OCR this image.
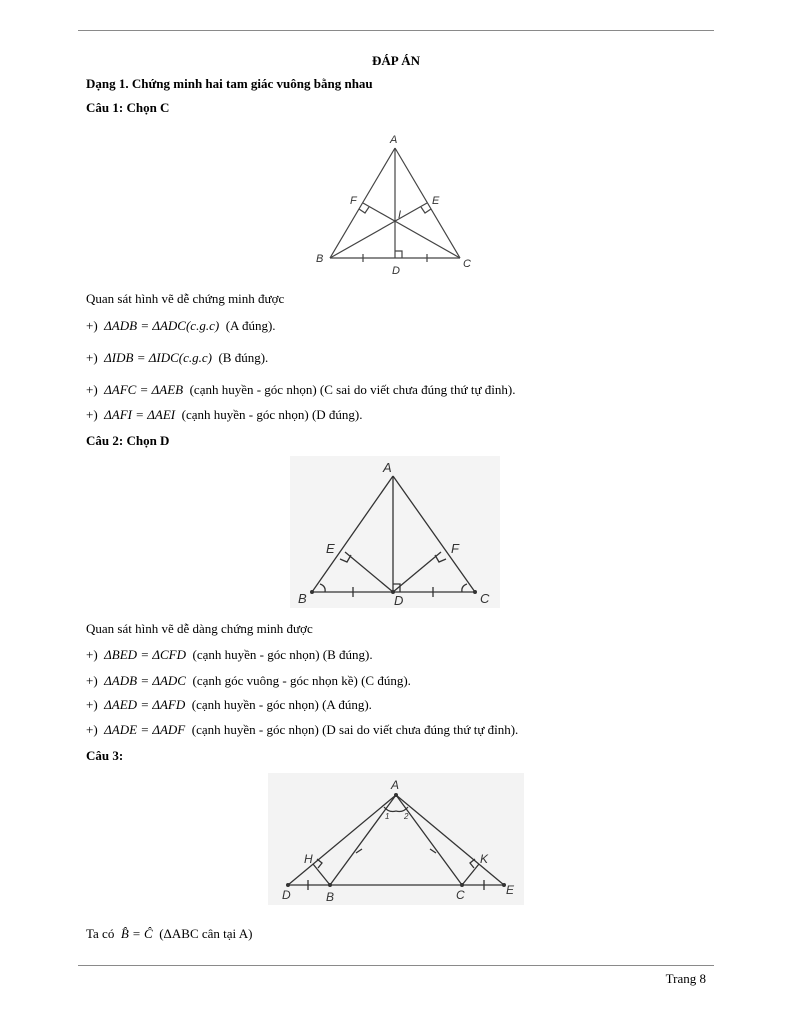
ĐÁP ÁN
Dạng 1. Chứng minh hai tam giác vuông bằng nhau
Câu 1: Chọn C
A
F	E
I
B
D
C
Quan sát hình vẽ dễ chứng minh được
+) ΔADB = ΔADC(c.g.c) (A đúng).
+) ΔIDB = ΔIDC(c.g.c) (B đúng).
+) ΔAFC = ΔAEB (cạnh huyền - góc nhọn) (C sai do viết chưa đúng thứ tự đỉnh).
+) ΔAFI = ΔAEI (cạnh huyền - góc nhọn) (D đúng).
Câu 2: Chọn D
A
E	F
B	D	C
Quan sát hình vẽ dễ dàng chứng minh được
+) ΔBED = ΔCFD (cạnh huyền - góc nhọn) (B đúng).
+) ΔADB = ΔADC (cạnh góc vuông - góc nhọn kề) (C đúng).
+) ΔAED = ΔAFD (cạnh huyền - góc nhọn) (A đúng).
+) ΔADE = ΔADF (cạnh huyền - góc nhọn) (D sai do viết chưa đúng thứ tự đỉnh).
Câu 3:
A
H	K
D	B	C	E
1 2
Ta có B̂ = Ĉ (ΔABC cân tại A)
Trang 8
